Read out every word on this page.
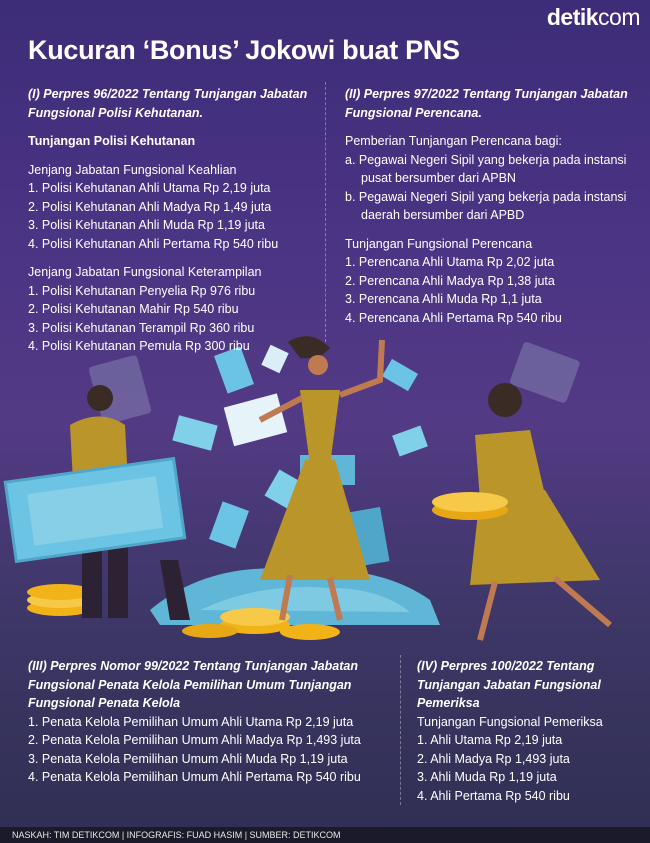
detikcom
Kucuran ‘Bonus’ Jokowi buat PNS

(I) Perpres 96/2022 Tentang Tunjangan Jabatan Fungsional Polisi Kehutanan.

Tunjangan Polisi Kehutanan

Jenjang Jabatan Fungsional Keahlian

1. Polisi Kehutanan Ahli Utama Rp 2,19 juta
2. Polisi Kehutanan Ahli Madya Rp 1,49 juta
3. Polisi Kehutanan Ahli Muda Rp 1,19 juta
4. Polisi Kehutanan Ahli Pertama Rp 540 ribu

Jenjang Jabatan Fungsional Keterampilan

1. Polisi Kehutanan Penyelia Rp 976 ribu
2. Polisi Kehutanan Mahir Rp 540 ribu
3. Polisi Kehutanan Terampil Rp 360 ribu
4. Polisi Kehutanan Pemula Rp 300 ribu

(II) Perpres 97/2022 Tentang Tunjangan Jabatan Fungsional Perencana.

Pemberian Tunjangan Perencana bagi:

a. Pegawai Negeri Sipil yang bekerja pada instansi pusat bersumber dari APBN
b. Pegawai Negeri Sipil yang bekerja pada instansi daerah bersumber dari APBD

Tunjangan Fungsional Perencana

1. Perencana Ahli Utama Rp 2,02 juta
2. Perencana Ahli Madya Rp 1,38 juta
3. Perencana Ahli Muda Rp 1,1 juta
4. Perencana Ahli Pertama Rp 540 ribu

(III) Perpres Nomor 99/2022 Tentang Tunjangan Jabatan Fungsional Penata Kelola Pemilihan Umum Tunjangan Fungsional Penata Kelola

1. Penata Kelola Pemilihan Umum Ahli Utama Rp 2,19 juta
2. Penata Kelola Pemilihan Umum Ahli Madya Rp 1,493 juta
3. Penata Kelola Pemilihan Umum Ahli Muda Rp 1,19 juta
4. Penata Kelola Pemilihan Umum Ahli Pertama Rp 540 ribu

(IV) Perpres 100/2022 Tentang Tunjangan Jabatan Fungsional Pemeriksa

Tunjangan Fungsional Pemeriksa

1. Ahli Utama Rp 2,19 juta
2. Ahli Madya Rp 1,493 juta
3. Ahli Muda Rp 1,19 juta
4. Ahli Pertama Rp 540 ribu
NASKAH: TIM DETIKCOM | INFOGRAFIS: FUAD HASIM | SUMBER: DETIKCOM
